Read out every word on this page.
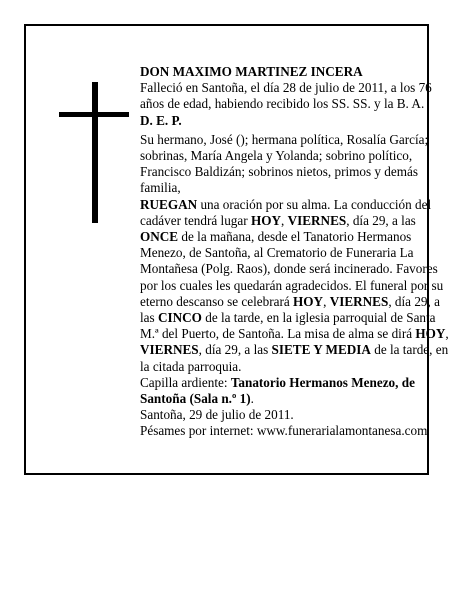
DON MAXIMO MARTINEZ INCERA

Falleció en Santoña, el día 28 de julio de 2011, a los 76 años de edad, habiendo recibido los SS. SS. y la B. A.

D. E. P.

Su hermano, José (); hermana política, Rosalía García; sobrinas, María Angela y Yolanda; sobrino político, Francisco Baldizán; sobrinos nietos, primos y demás familia,

RUEGAN una oración por su alma. La conducción del cadáver tendrá lugar HOY, VIERNES, día 29, a las ONCE de la mañana, desde el Tanatorio Hermanos Menezo, de Santoña, al Crematorio de Funeraria La Montañesa (Polg. Raos), donde será incinerado. Favores por los cuales les quedarán agradecidos. El funeral por su eterno descanso se celebrará HOY, VIERNES, día 29, a las CINCO de la tarde, en la iglesia parroquial de Santa M.ª del Puerto, de Santoña. La misa de alma se dirá HOY, VIERNES, día 29, a las SIETE Y MEDIA de la tarde, en la citada parroquia.

Capilla ardiente: Tanatorio Hermanos Menezo, de Santoña (Sala n.º 1).

Santoña, 29 de julio de 2011.

Pésames por internet: www.funerarialamontanesa.com
